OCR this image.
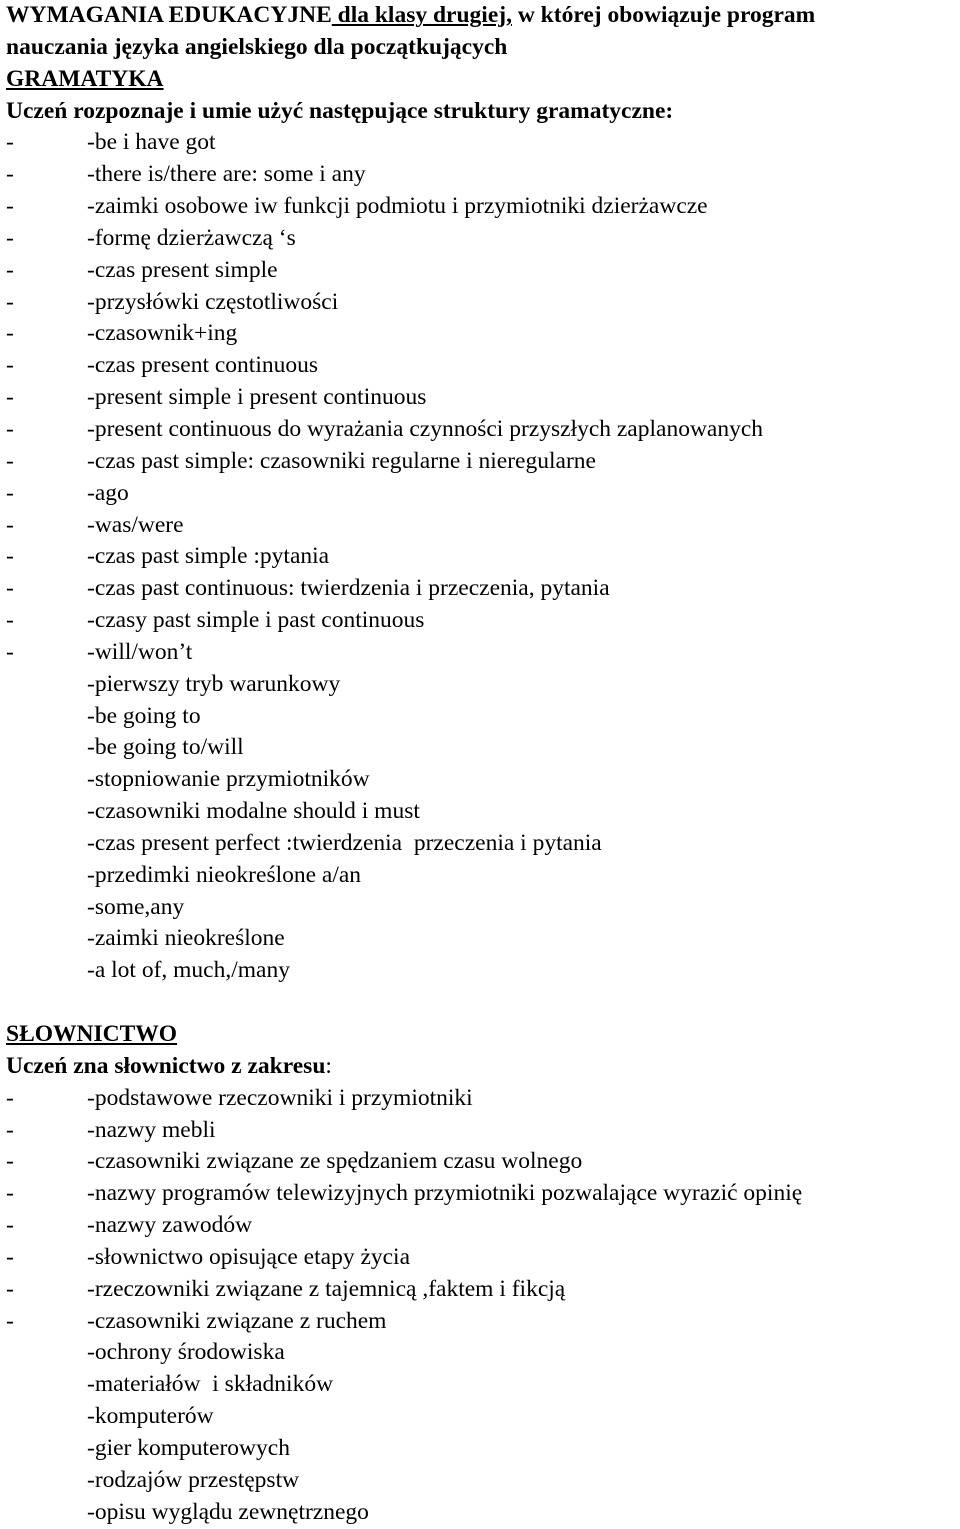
WYMAGANIA EDUKACYJNE dla klasy drugiej, w której obowiązuje program
nauczania języka angielskiego dla początkujących
GRAMATYKA
Uczeń rozpoznaje i umie użyć następujące struktury gramatyczne:
-	-be i have got
-	-there is/there are: some i any
-	-zaimki osobowe iw funkcji podmiotu i przymiotniki dzierżawcze
-	-formę dzierżawczą ‘s
-	-czas present simple
-	-przysłówki częstotliwości
-	-czasownik+ing
-	-czas present continuous
-	-present simple i present continuous
-	-present continuous do wyrażania czynności przyszłych zaplanowanych
-	-czas past simple: czasowniki regularne i nieregularne
-	-ago
-	-was/were
-	-czas past simple :pytania
-	-czas past continuous: twierdzenia i przeczenia, pytania
-	-czasy past simple i past continuous
-	-will/won’t
-pierwszy tryb warunkowy
-be going to
-be going to/will
-stopniowanie przymiotników
-czasowniki modalne should i must
-czas present perfect :twierdzenia  przeczenia i pytania
-przedimki nieokreślone a/an
-some,any
-zaimki nieokreślone
-a lot of, much,/many
SŁOWNICTWO
Uczeń zna słownictwo z zakresu:
-	-podstawowe rzeczowniki i przymiotniki
-	-nazwy mebli
-	-czasowniki związane ze spędzaniem czasu wolnego
-	-nazwy programów telewizyjnych przymiotniki pozwalające wyrazić opinię
-	-nazwy zawodów
-	-słownictwo opisujące etapy życia
-	-rzeczowniki związane z tajemnicą ,faktem i fikcją
-	-czasowniki związane z ruchem
-ochrony środowiska
-materiałów  i składników
-komputerów
-gier komputerowych
-rodzajów przestępstw
-opisu wyglądu zewnętrznego
